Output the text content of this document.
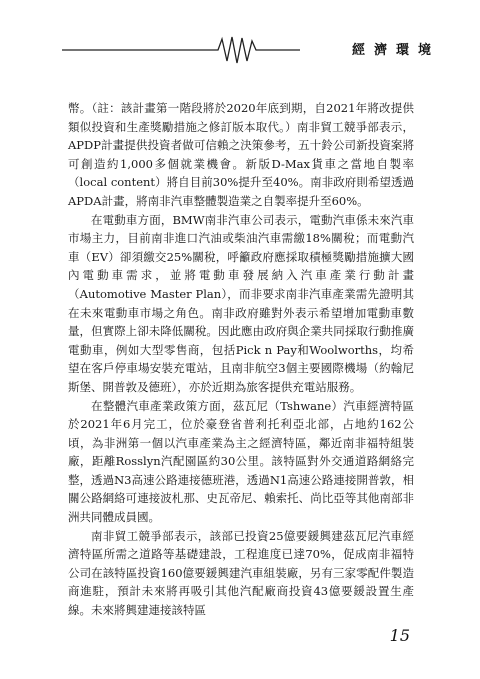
經濟環境

幣。（註：該計畫第一階段將於2020年底到期，自2021年將改提供類似投資和生產獎勵措施之修訂版本取代。）南非貿工競爭部表示，APDP計畫提供投資者做可信賴之決策參考，五十鈴公司新投資案將可創造約1,000多個就業機會。新版D-Max貨車之當地自製率（local content）將自目前30%提升至40%。南非政府則希望透過APDA計畫，將南非汽車整體製造業之自製率提升至60%。

在電動車方面，BMW南非汽車公司表示，電動汽車係未來汽車市場主力，目前南非進口汽油或柴油汽車需繳18%關稅；而電動汽車（EV）卻須繳交25%關稅，呼籲政府應採取積極獎勵措施擴大國內電動車需求，並將電動車發展納入汽車產業行動計畫（Automotive Master Plan），而非要求南非汽車產業需先證明其在未來電動車市場之角色。南非政府雖對外表示希望增加電動車數量，但實際上卻未降低關稅。因此應由政府與企業共同採取行動推廣電動車，例如大型零售商，包括Pick n Pay和Woolworths，均希望在客戶停車場安裝充電站，且南非航空3個主要國際機場（約翰尼斯堡、開普敦及德班），亦於近期為旅客提供充電站服務。

在整體汽車產業政策方面，茲瓦尼（Tshwane）汽車經濟特區於2021年6月完工，位於豪登省普利托利亞北部，占地約162公頃，為非洲第一個以汽車產業為主之經濟特區，鄰近南非福特組裝廠，距離Rosslyn汽配園區約30公里。該特區對外交通道路網絡完整，透過N3高速公路連接德班港，透過N1高速公路連接開普敦，相關公路網絡可連接波札那、史瓦帝尼、賴索托、尚比亞等其他南部非洲共同體成員國。

南非貿工競爭部表示，該部已投資25億要鍰興建茲瓦尼汽車經濟特區所需之道路等基礎建設，工程進度已達70%，促成南非福特公司在該特區投資160億要鍰興建汽車組裝廠，另有三家零配件製造商進駐，預計未來將再吸引其他汽配廠商投資43億要鍰設置生產線。未來將興建連接該特區

15
